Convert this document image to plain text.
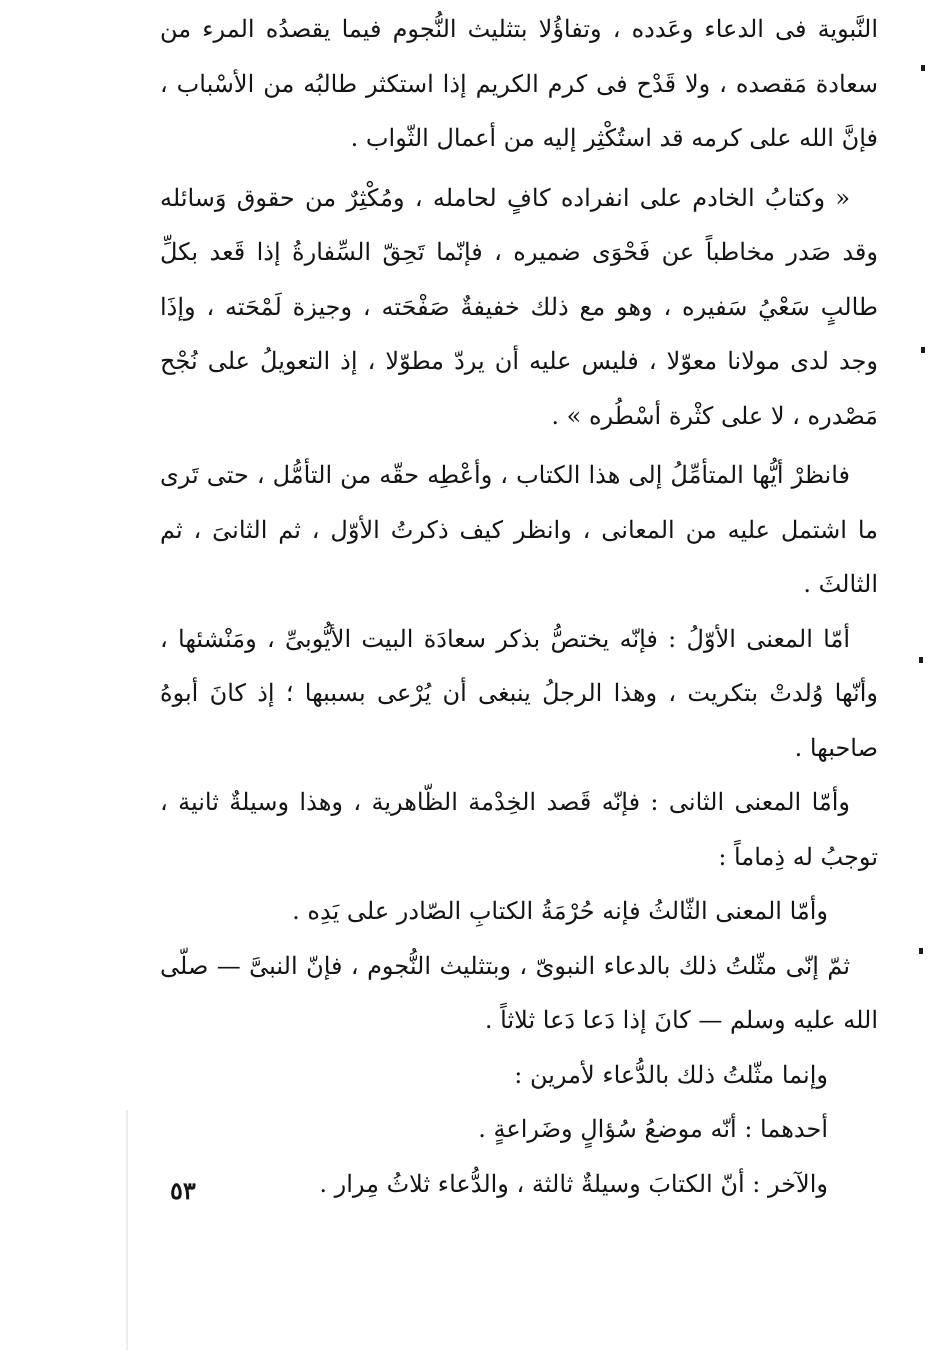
النَّبوية فى الدعاء وعَدده ، وتفاؤُلا بتثليث النُّجوم فيما يقصدُه المرء من سعادة مَقصده ، ولا قَدْح فى كرم الكريم إذا استكثر طالبُه من الأسْباب ، فإنَّ الله على كرمه قد استُكْثِر إليه من أعمال الثّواب .

« وكتابُ الخادم على انفراده كافٍ لحامله ، ومُكْثِرٌ من حقوق وَسائله وقد صَدر مخاطباً عن فَحْوَى ضميره ، فإنّما تَحِقّ السِّفارةُ إذا قَعد بكلِّ طالبٍ سَعْيُ سَفيره ، وهو مع ذلك خفيفةٌ صَفْحَته ، وجيزة لَمْحَته ، وإذَا وجد لدى مولانا معوّلا ، فليس عليه أن يردّ مطوّلا ، إذ التعويلُ على نُجْح مَصْدره ، لا على كثْرة أسْطُره » .

فانظرْ أيُّها المتأمِّلُ إلى هذا الكتاب ، وأعْطِه حقّه من التأمُّل ، حتى تَرى ما اشتمل عليه من المعانى ، وانظر كيف ذكرتُ الأوّل ، ثم الثانىَ ، ثم الثالثَ .

أمّا المعنى الأوّلُ : فإنّه يختصُّ بذكر سعادَة البيت الأيُّوبىِّ ، ومَنْشئها ، وأنّها وُلدتْ بتكريت ، وهذا الرجلُ ينبغى أن يُرْعى بسببها ؛ إذ كانَ أبوهُ صاحبها .

وأمّا المعنى الثانى : فإنّه قَصد الخِدْمة الظّاهرية ، وهذا وسيلةٌ ثانية ، توجبُ له ذِماماً :

وأمّا المعنى الثّالثُ فإنه حُرْمَةُ الكتابِ الصّادر على يَدِه .

ثمّ إنّى مثّلتُ ذلك بالدعاء النبوىّ ، وبتثليث النُّجوم ، فإنّ النبىَّ — صلّى الله عليه وسلم — كانَ إذا دَعا دَعا ثلاثاً .

وإنما مثّلتُ ذلك بالدُّعاء لأمرين :

أحدهما : أنّه موضعُ سُؤالٍ وضَراعةٍ .

والآخر : أنّ الكتابَ وسيلةٌ ثالثة ، والدُّعاء ثلاثُ مِرار .

٥٣
